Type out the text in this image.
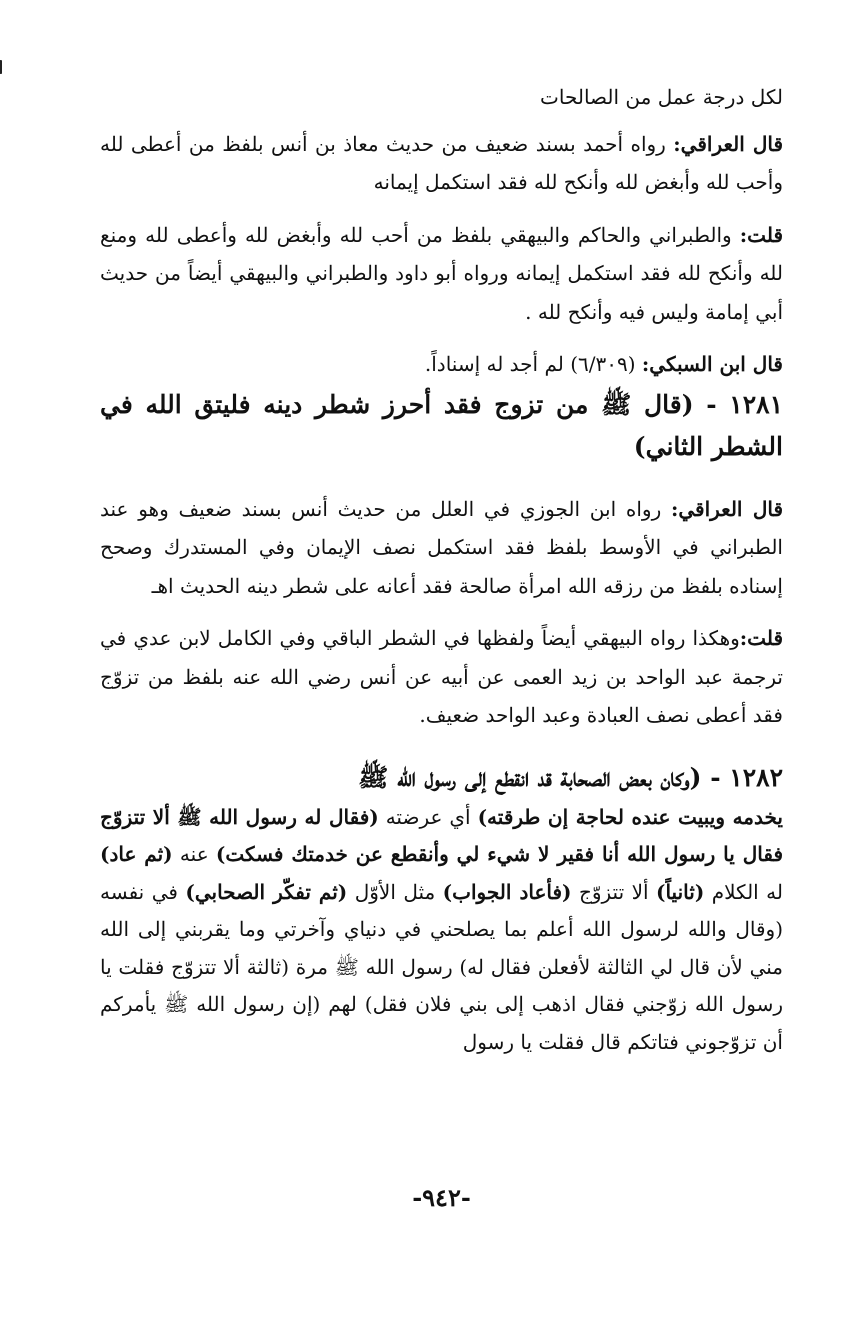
لكل درجة عمل من الصالحات

قال العراقي: رواه أحمد بسند ضعيف من حديث معاذ بن أنس بلفظ من أعطى لله وأحب لله وأبغض لله وأنكح لله فقد استكمل إيمانه

قلت: والطبراني والحاكم والبيهقي بلفظ من أحب لله وأبغض لله وأعطى لله ومنع لله وأنكح لله فقد استكمل إيمانه ورواه أبو داود والطبراني والبيهقي أيضاً من حديث أبي إمامة وليس فيه وأنكح لله .

قال ابن السبكي: (٦/٣٠٩) لم أجد له إسناداً.

١٢٨١ - (قال ﷺ من تزوج فقد أحرز شطر دينه فليتق الله في الشطر الثاني)

قال العراقي: رواه ابن الجوزي في العلل من حديث أنس بسند ضعيف وهو عند الطبراني في الأوسط بلفظ فقد استكمل نصف الإيمان وفي المستدرك وصحح إسناده بلفظ من رزقه الله امرأة صالحة فقد أعانه على شطر دينه الحديث اهـ

قلت:وهكذا رواه البيهقي أيضاً ولفظها في الشطر الباقي وفي الكامل لابن عدي في ترجمة عبد الواحد بن زيد العمى عن أبيه عن أنس رضي الله عنه بلفظ من تزوّج فقد أعطى نصف العبادة وعبد الواحد ضعيف.

١٢٨٢ - (وكان بعض الصحابة قد انقطع إلى رسول الله ﷺ

يخدمه ويبيت عنده لحاجة إن طرقته) أي عرضته (فقال له رسول الله ﷺ ألا تتزوّج فقال يا رسول الله أنا فقير لا شيء لي وأنقطع عن خدمتك فسكت) عنه (ثم عاد) له الكلام (ثانياً) ألا تتزوّج (فأعاد الجواب) مثل الأوّل (ثم تفكّر الصحابي) في نفسه (وقال والله لرسول الله أعلم بما يصلحني في دنياي وآخرتي وما يقربني إلى الله مني لأن قال لي الثالثة لأفعلن فقال له) رسول الله ﷺ مرة (ثالثة ألا تتزوّج فقلت يا رسول الله زوّجني فقال اذهب إلى بني فلان فقل) لهم (إن رسول الله ﷺ يأمركم أن تزوّجوني فتاتكم قال فقلت يا رسول

-٩٤٢-
